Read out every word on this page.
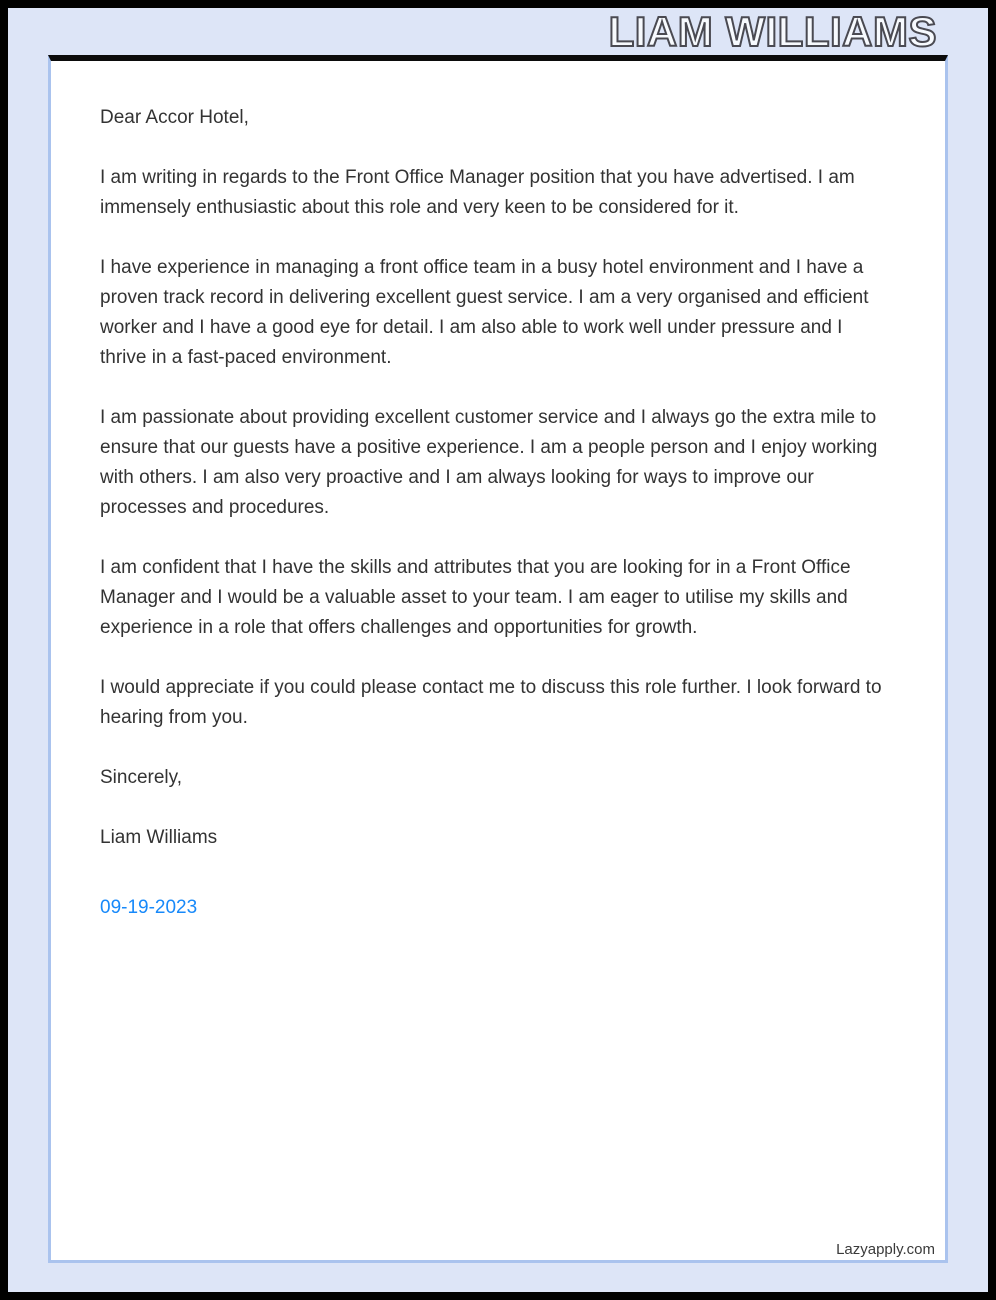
LIAM WILLIAMS

Dear Accor Hotel,

I am writing in regards to the Front Office Manager position that you have advertised. I am immensely enthusiastic about this role and very keen to be considered for it.

I have experience in managing a front office team in a busy hotel environment and I have a proven track record in delivering excellent guest service. I am a very organised and efficient worker and I have a good eye for detail. I am also able to work well under pressure and I thrive in a fast-paced environment.

I am passionate about providing excellent customer service and I always go the extra mile to ensure that our guests have a positive experience. I am a people person and I enjoy working with others. I am also very proactive and I am always looking for ways to improve our processes and procedures.

I am confident that I have the skills and attributes that you are looking for in a Front Office Manager and I would be a valuable asset to your team. I am eager to utilise my skills and experience in a role that offers challenges and opportunities for growth.

I would appreciate if you could please contact me to discuss this role further. I look forward to hearing from you.

Sincerely,

Liam Williams

09-19-2023

Lazyapply.com
